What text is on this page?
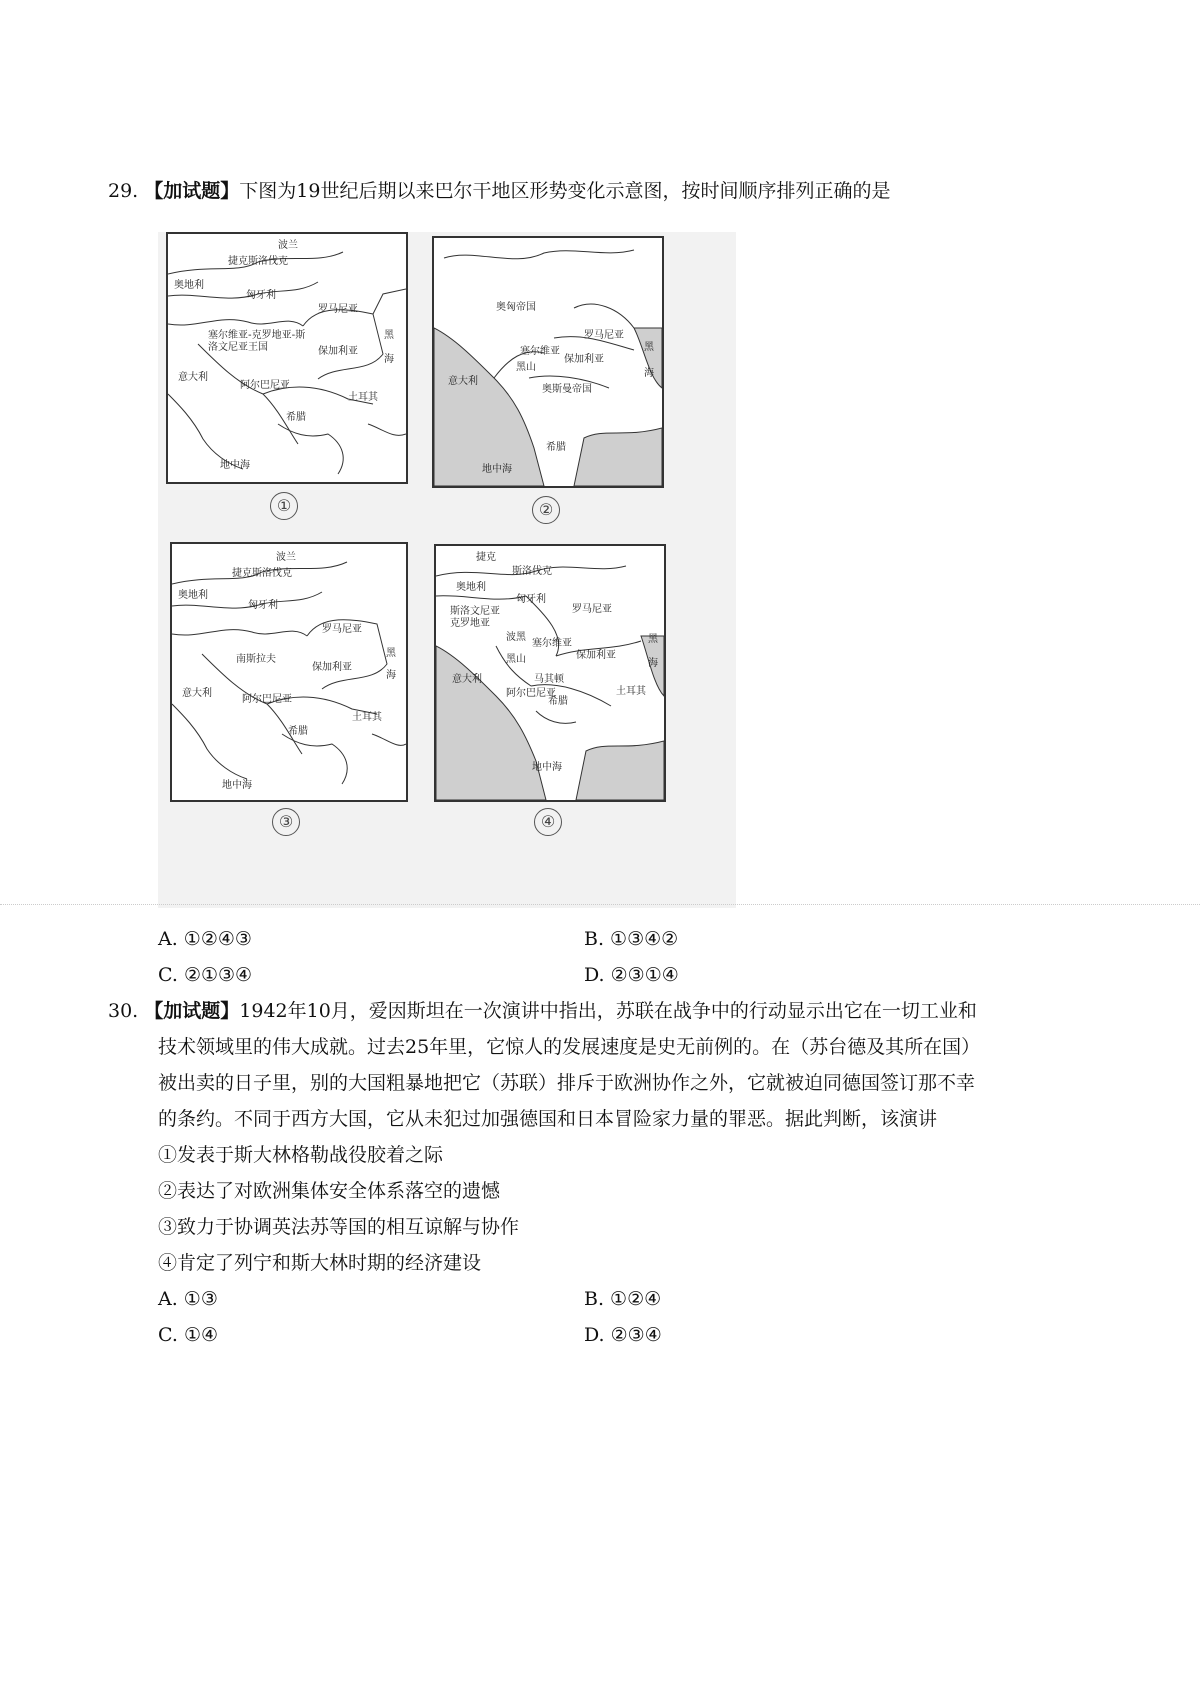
29. 【加试题】下图为19世纪后期以来巴尔干地区形势变化示意图，按时间顺序排列正确的是
波兰
捷克斯洛伐克
奥地利
匈牙利
罗马尼亚
塞尔维亚-克罗地亚-斯洛文尼亚王国	保加利亚
黑
海
意大利
阿尔巴尼亚
希腊
土耳其
地中海
①
奥匈帝国
罗马尼亚
塞尔维亚
黑山
保加利亚
黑
海
意大利
奥斯曼帝国
希腊
地中海
②
波兰
捷克斯洛伐克
奥地利
匈牙利
罗马尼亚
南斯拉夫
保加利亚
黑
海
意大利
阿尔巴尼亚
希腊
土耳其
地中海
③
捷克
斯洛伐克
奥地利
匈牙利
罗马尼亚
斯洛文尼亚
克罗地亚
波黑
塞尔维亚
黑山
马其顿
保加利亚
黑
海
意大利
阿尔巴尼亚
希腊
土耳其
地中海
④
A. ①②④③	B. ①③④②
C. ②①③④	D. ②③①④
30. 【加试题】1942年10月，爱因斯坦在一次演讲中指出，苏联在战争中的行动显示出它在一切工业和
技术领域里的伟大成就。过去25年里，它惊人的发展速度是史无前例的。在（苏台德及其所在国）
被出卖的日子里，别的大国粗暴地把它（苏联）排斥于欧洲协作之外，它就被迫同德国签订那不幸
的条约。不同于西方大国，它从未犯过加强德国和日本冒险家力量的罪恶。据此判断，该演讲
①发表于斯大林格勒战役胶着之际
②表达了对欧洲集体安全体系落空的遗憾
③致力于协调英法苏等国的相互谅解与协作
④肯定了列宁和斯大林时期的经济建设
A. ①③	B. ①②④
C. ①④	D. ②③④
